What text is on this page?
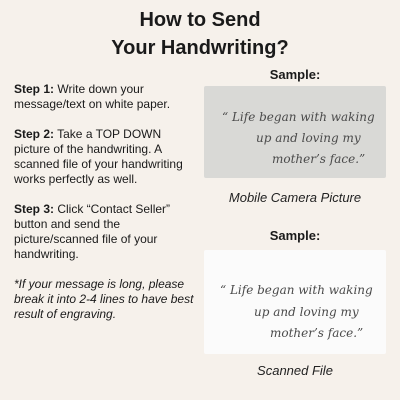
How to Send
Your Handwriting?
Step 1: Write down your message/text on white paper.
Step 2: Take a TOP DOWN picture of the handwriting. A scanned file of your handwriting works perfectly as well.
Step 3: Click “Contact Seller” button and send the picture/scanned file of your handwriting.
*If your message is long, please break it into 2-4 lines to have best result of engraving.
Sample:
“ Life began with waking
up and loving my
mother’s face.”
Mobile Camera Picture
Sample:
“ Life began with waking
up and loving my
mother’s face.”
Scanned File
